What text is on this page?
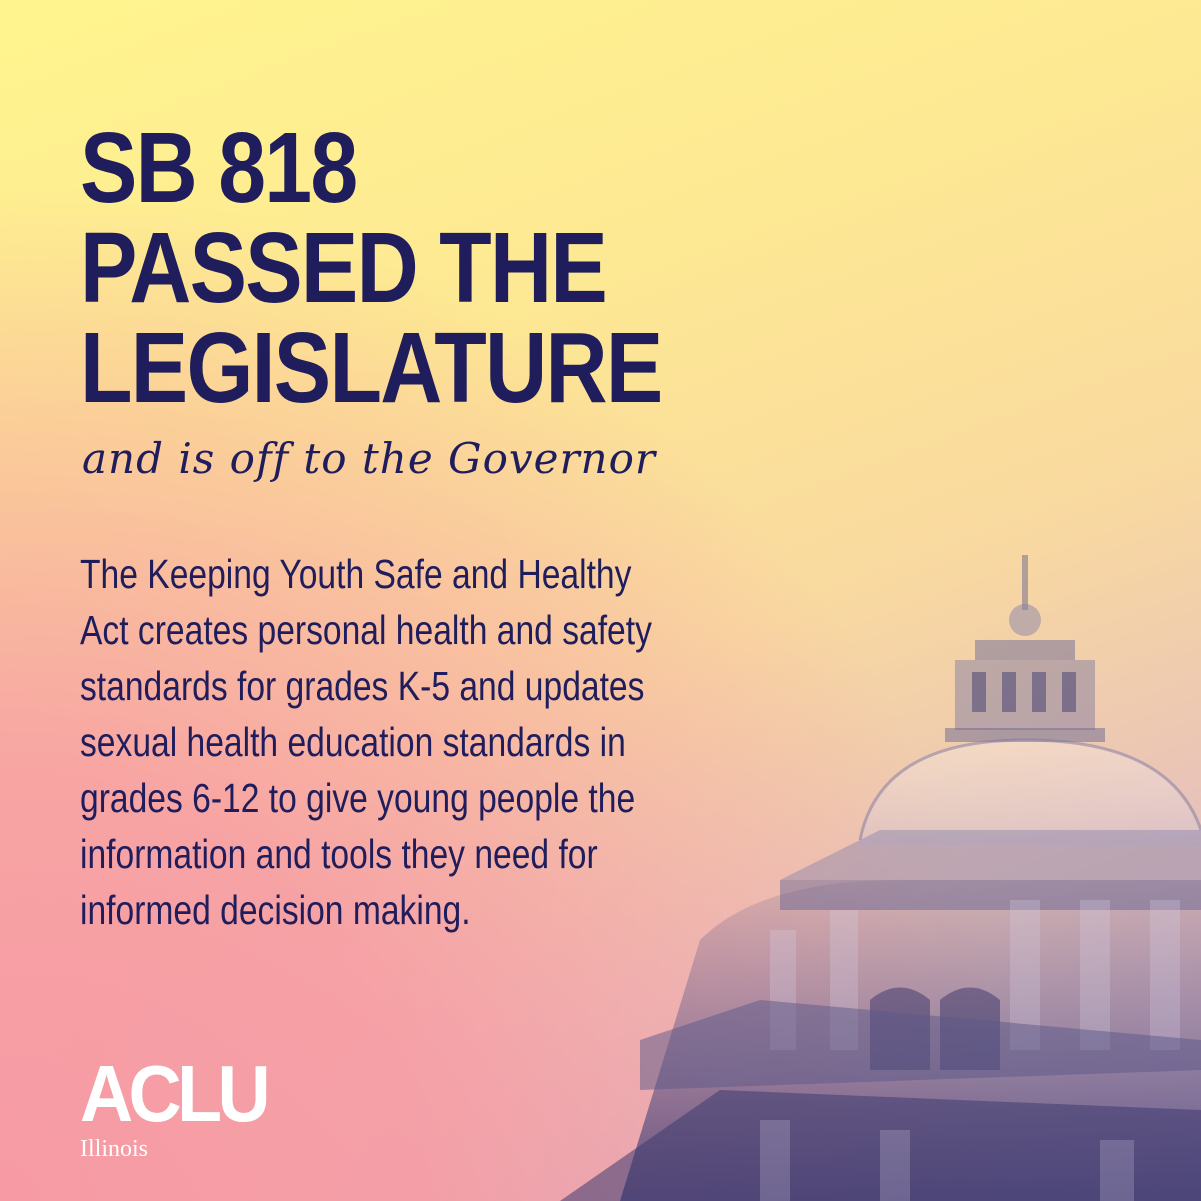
SB 818
PASSED THE
LEGISLATURE

and is off to the Governor

The Keeping Youth Safe and Healthy
Act creates personal health and safety
standards for grades K-5 and updates
sexual health education standards in
grades 6-12 to give young people the
information and tools they need for
informed decision making.

ACLU
Illinois
